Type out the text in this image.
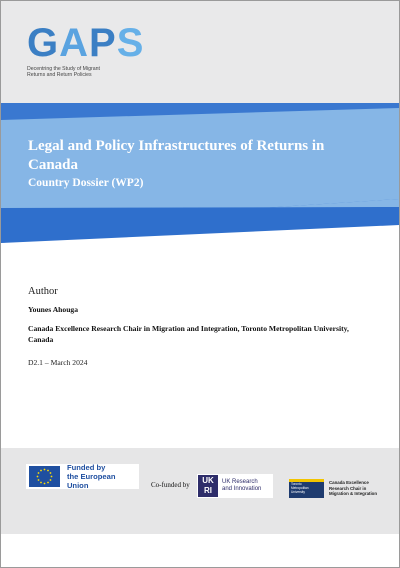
GAPS
Decentring the Study of Migrant
Returns and Return Policies
Legal and Policy Infrastructures of Returns in Canada
Country Dossier (WP2)
Author
Younes Ahouga
Canada Excellence Research Chair in Migration and Integration, Toronto Metropolitan University, Canada
D2.1 – March 2024
Funded by
the European Union	Co-funded by	UK
RI
UK Research
and Innovation
Toronto
Metropolitan
University
Canada Excellence
Research Chair in
Migration & Integration
